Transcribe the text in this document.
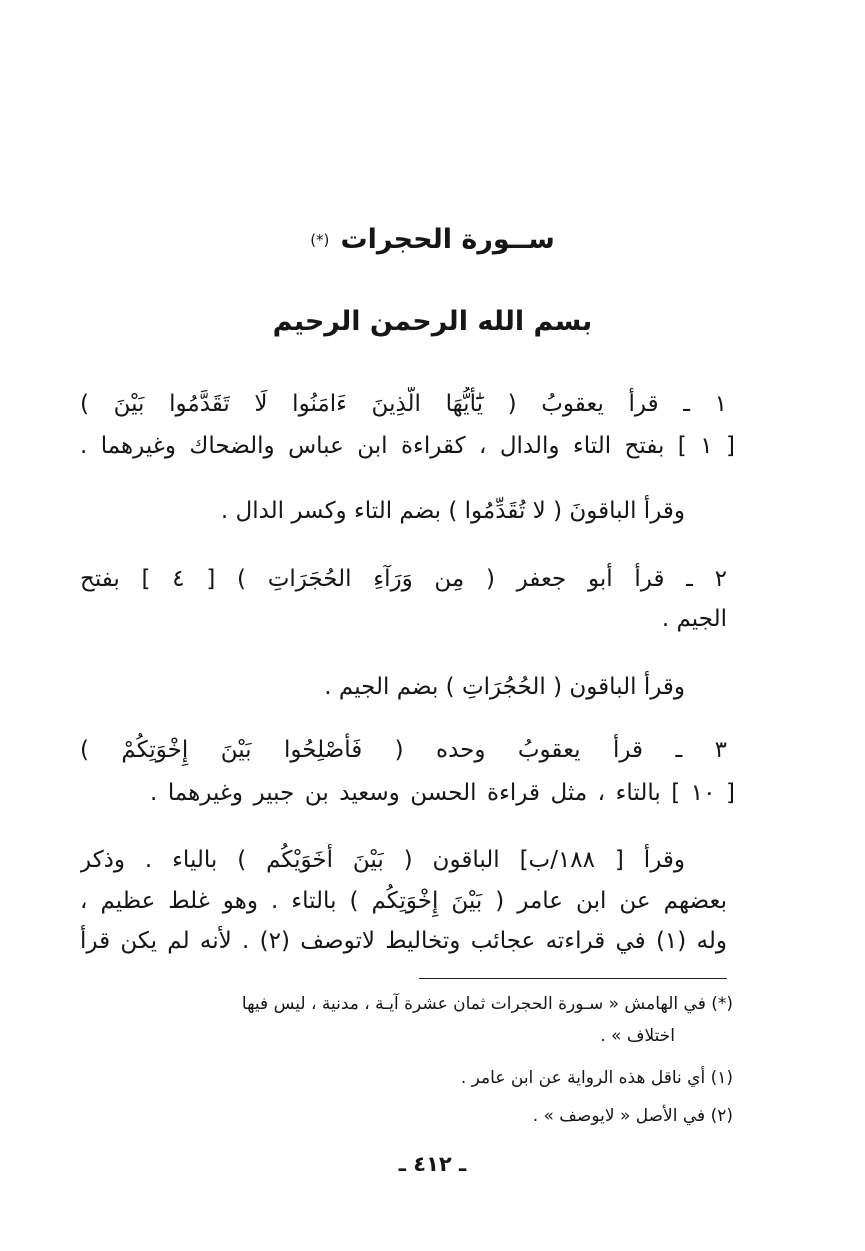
ســورة الحجرات (*)
بسم الله الرحمن الرحيم
١ ـ قرأ يعقوبُ ( يَٰٓأَيُّهَا الَّذِينَ ءَامَنُوا لَا تَقَدَّمُوا بَيْنَ )
[ ١ ] بفتح التاء والدال ، كقراءة ابن عباس والضحاك وغيرهما .
وقرأ الباقونَ ( لا تُقَدِّمُوا ) بضم التاء وكسر الدال .
٢ ـ قرأ أبو جعفر ( مِن وَرَآءِ الحُجَرَاتِ ) [ ٤ ] بفتح
الجيم .
وقرأ الباقون ( الحُجُرَاتِ ) بضم الجيم .
٣ ـ قرأ يعقوبُ وحده ( فَأَصْلِحُوا بَيْنَ إِخْوَتِكُمْ )
[ ١٠ ] بالتاء ، مثل قراءة الحسن وسعيد بن جبير وغيرهما .
وقرأ [ ١٨٨/ب] الباقون ( بَيْنَ أَخَوَيْكُم ) بالياء . وذكر
بعضهم عن ابن عامر ( بَيْنَ إِخْوَتِكُم ) بالتاء . وهو غلط عظيم ،
وله (١) في قراءته عجائب وتخاليط لاتوصف (٢) . لأنه لم يكن قرأ
(*) في الهامش « سـورة الحجرات ثمان عشرة آيـة ، مدنية ، ليس فيها
اختلاف » .
(١) أي ناقل هذه الرواية عن ابن عامر .
(٢) في الأصل « لايوصف » .
ـ ٤١٢ ـ
